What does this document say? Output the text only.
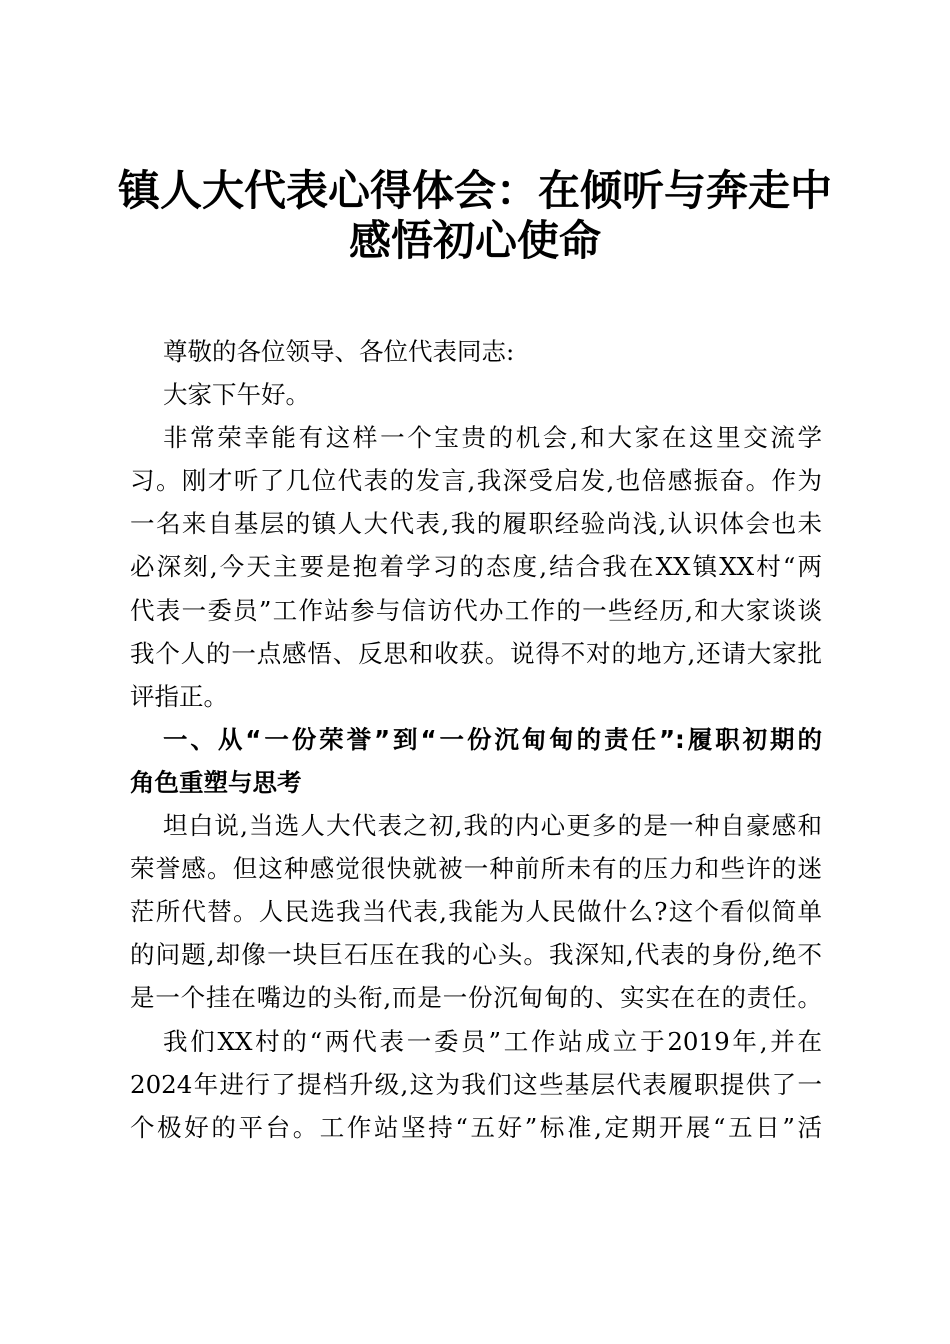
镇人大代表心得体会：在倾听与奔走中
感悟初心使命
尊敬的各位领导、各位代表同志:
大家下午好。
非常荣幸能有这样一个宝贵的机会,和大家在这里交流学
习。刚才听了几位代表的发言,我深受启发,也倍感振奋。作为
一名来自基层的镇人大代表,我的履职经验尚浅,认识体会也未
必深刻,今天主要是抱着学习的态度,结合我在XX镇XX村“两
代表一委员”工作站参与信访代办工作的一些经历,和大家谈谈
我个人的一点感悟、反思和收获。说得不对的地方,还请大家批
评指正。
一、从“一份荣誉”到“一份沉甸甸的责任”:履职初期的
角色重塑与思考
坦白说,当选人大代表之初,我的内心更多的是一种自豪感和
荣誉感。但这种感觉很快就被一种前所未有的压力和些许的迷
茫所代替。人民选我当代表,我能为人民做什么?这个看似简单
的问题,却像一块巨石压在我的心头。我深知,代表的身份,绝不
是一个挂在嘴边的头衔,而是一份沉甸甸的、实实在在的责任。
我们XX村的“两代表一委员”工作站成立于2019年,并在
2024年进行了提档升级,这为我们这些基层代表履职提供了一
个极好的平台。工作站坚持“五好”标准,定期开展“五日”活
